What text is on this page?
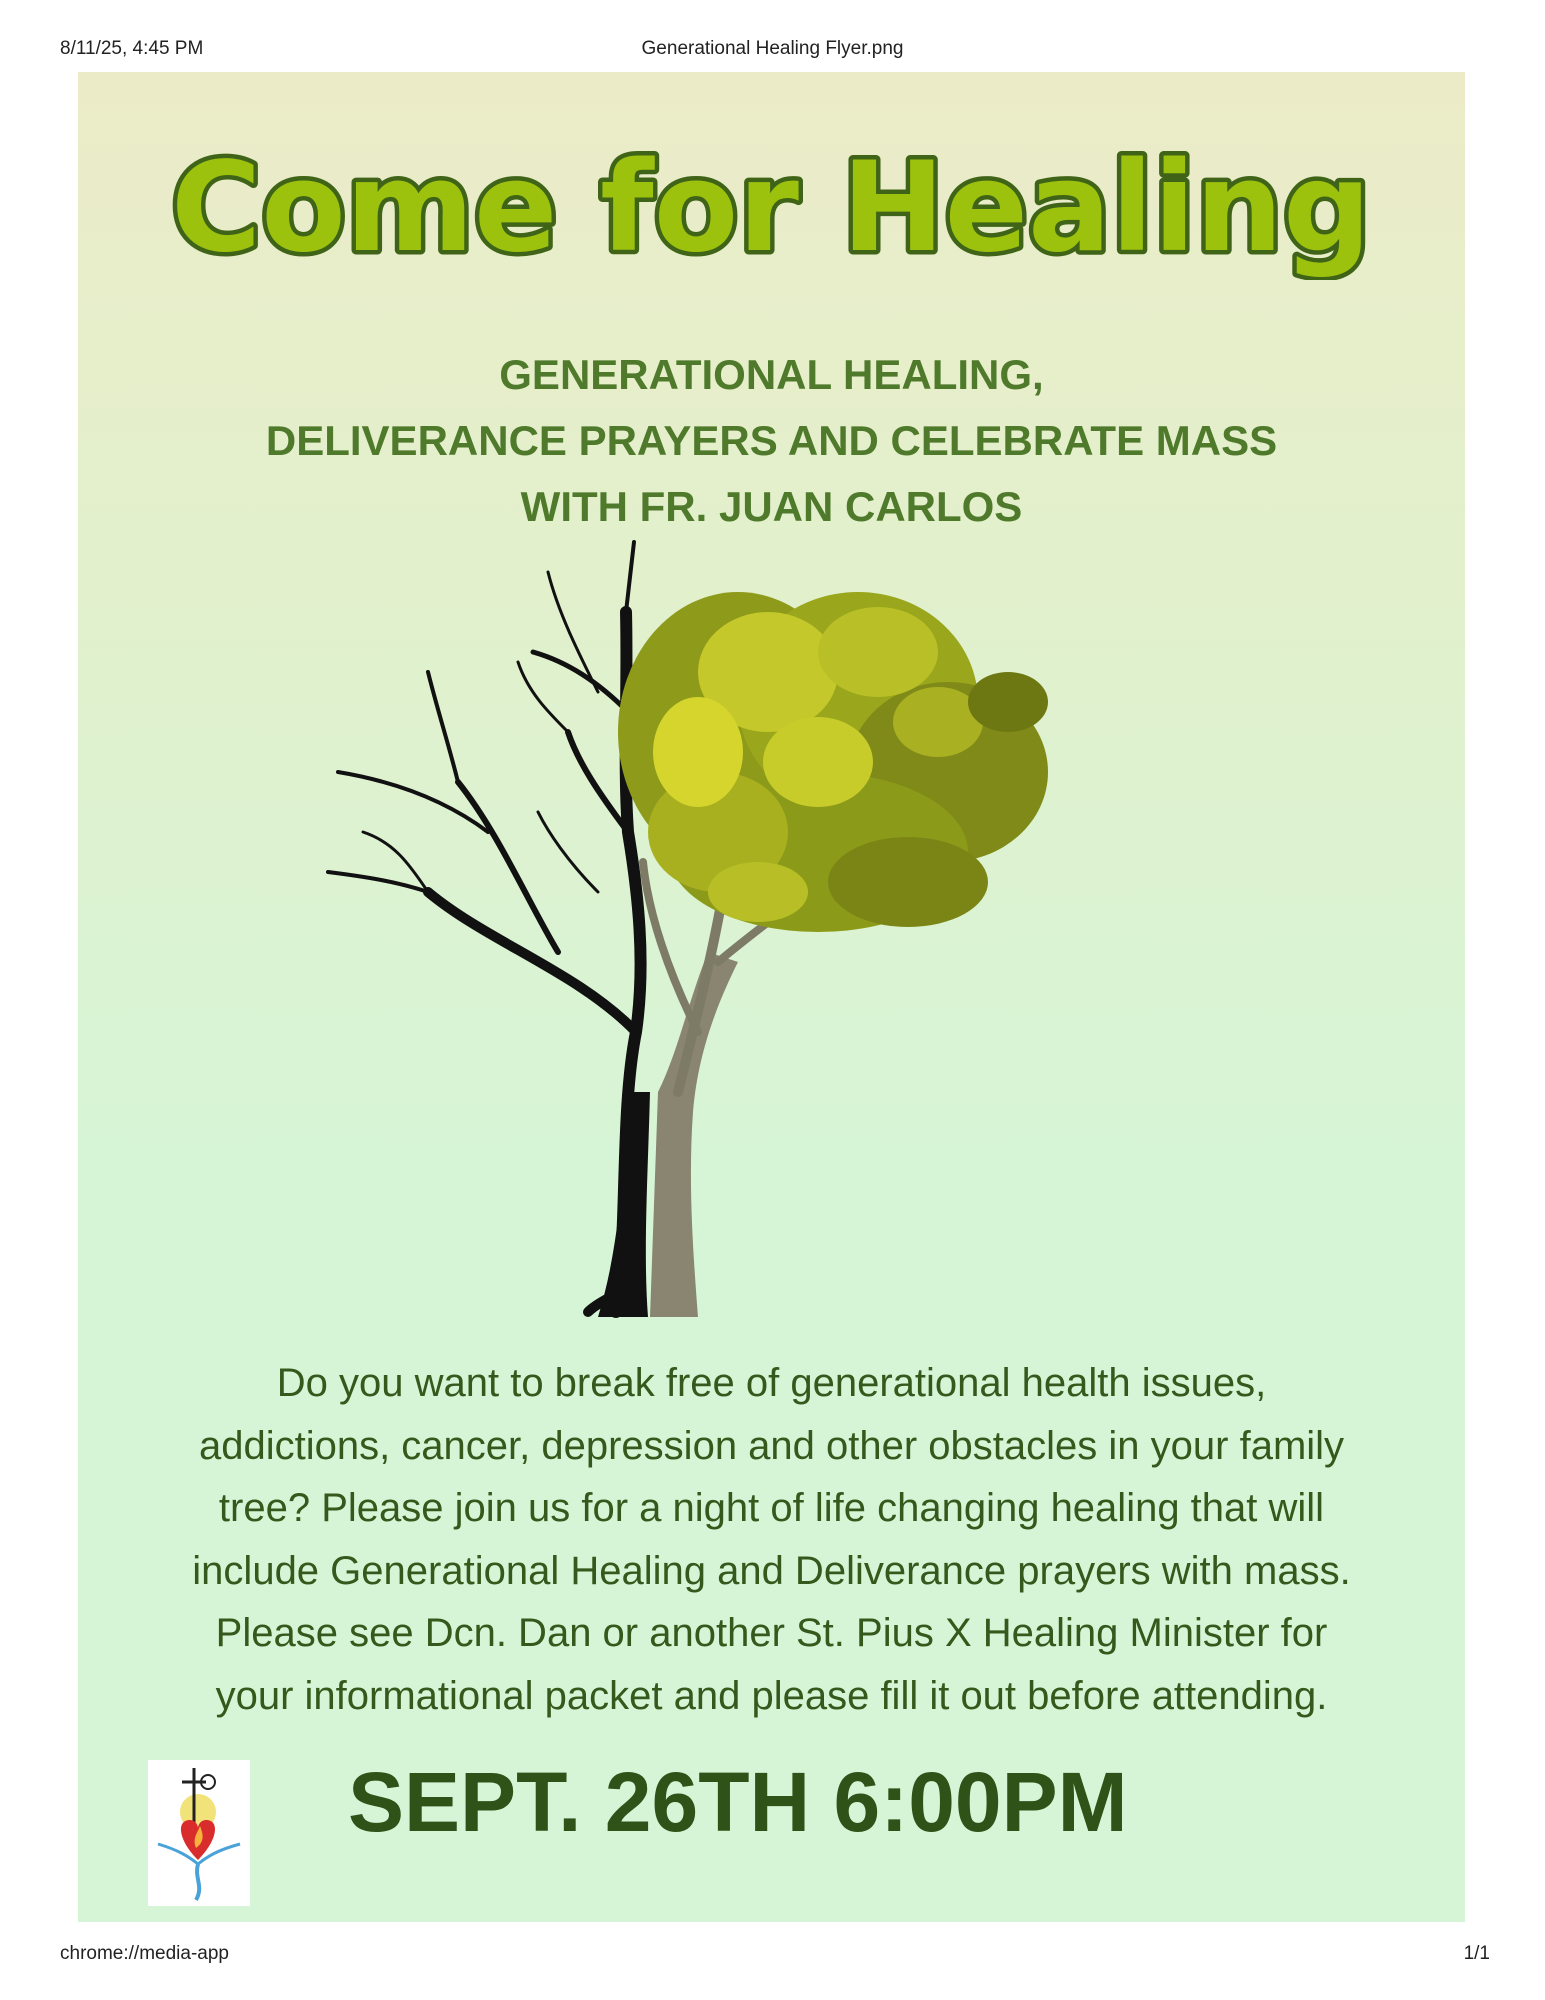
8/11/25, 4:45 PM	Generational Healing Flyer.png
Come for Healing
GENERATIONAL HEALING,
DELIVERANCE PRAYERS AND CELEBRATE MASS
WITH FR. JUAN CARLOS
Do you want to break free of generational health issues,
addictions, cancer, depression and other obstacles in your family
tree? Please join us for a night of life changing healing that will
include Generational Healing and Deliverance prayers with mass.
Please see Dcn. Dan or another St. Pius X Healing Minister for
your informational packet and please fill it out before attending.
SEPT. 26TH 6:00PM
chrome://media-app	1/1
